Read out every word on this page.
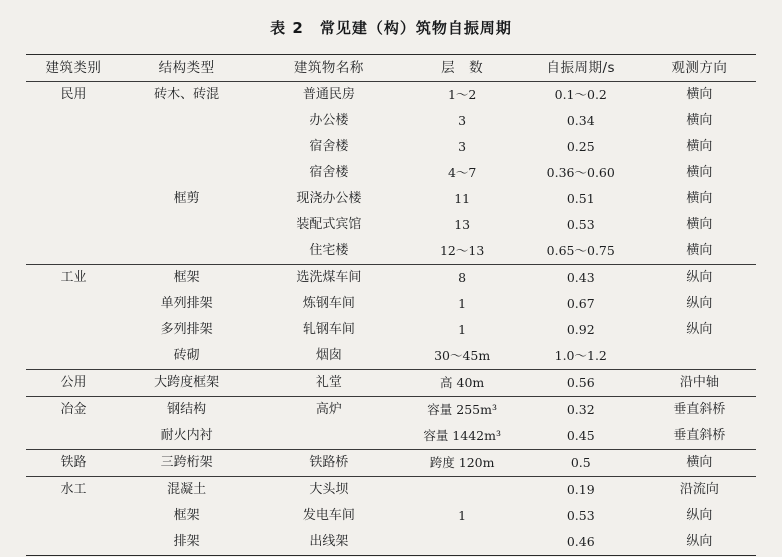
表 2　常见建（构）筑物自振周期
建筑类别	结构类型	建筑物名称	层　数	自振周期/s	观测方向
民用	砖木、砖混	普通民房	1～2	0.1～0.2	横向
		办公楼	3	0.34	横向
		宿舍楼	3	0.25	横向
		宿舍楼	4～7	0.36～0.60	横向
	框剪	现浇办公楼	11	0.51	横向
		装配式宾馆	13	0.53	横向
		住宅楼	12～13	0.65～0.75	横向
工业	框架	选洗煤车间	8	0.43	纵向
	单列排架	炼钢车间	1	0.67	纵向
	多列排架	轧钢车间	1	0.92	纵向
	砖砌	烟囱	30～45m	1.0～1.2	
公用	大跨度框架	礼堂	高 40m	0.56	沿中轴
冶金	钢结构	高炉	容量 255m³	0.32	垂直斜桥
	耐火内衬		容量 1442m³	0.45	垂直斜桥
铁路	三跨桁架	铁路桥	跨度 120m	0.5	横向
水工	混凝土	大头坝		0.19	沿流向
	框架	发电车间	1	0.53	纵向
	排架	出线架		0.46	纵向
